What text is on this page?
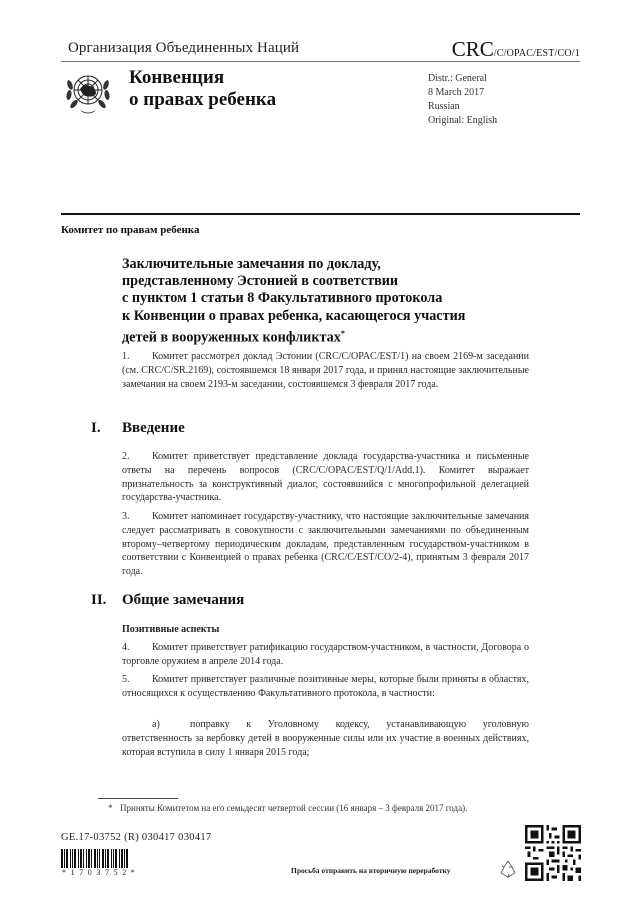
Организация Объединенных Наций	CRC/C/OPAC/EST/CO/1
Конвенция
о правах ребенка
Distr.: General
8 March 2017
Russian
Original: English
Комитет по правам ребенка
Заключительные замечания по докладу,
представленному Эстонией в соответствии
с пунктом 1 статьи 8 Факультативного протокола
к Конвенции о правах ребенка, касающегося участия
детей в вооруженных конфликтах*
1. Комитет рассмотрел доклад Эстонии (CRC/C/OPAC/EST/1) на своем 2169-м заседании (см. CRC/C/SR.2169), состоявшемся 18 января 2017 года, и принял настоящие заключительные замечания на своем 2193-м заседании, состоявшемся 3 февраля 2017 года.
I. Введение
2. Комитет приветствует представление доклада государства-участника и письменные ответы на перечень вопросов (CRC/C/OPAC/EST/Q/1/Add.1). Комитет выражает признательность за конструктивный диалог, состоявшийся с многопрофильной делегацией государства-участника.
3. Комитет напоминает государству-участнику, что настоящие заключительные замечания следует рассматривать в совокупности с заключительными замечаниями по объединенным второму–четвертому периодическим докладам, представленным государством-участником в соответствии с Конвенцией о правах ребенка (CRC/C/EST/CO/2-4), принятым 3 февраля 2017 года.
II. Общие замечания
Позитивные аспекты
4. Комитет приветствует ратификацию государством-участником, в частности, Договора о торговле оружием в апреле 2014 года.
5. Комитет приветствует различные позитивные меры, которые были приняты в областях, относящихся к осуществлению Факультативного протокола, в частности:
a)	поправку к Уголовному кодексу, устанавливающую уголовную ответственность за вербовку детей в вооруженные силы или их участие в военных действиях, которая вступила в силу 1 января 2015 года;
* Приняты Комитетом на его семьдесят четвертой сессии (16 января – 3 февраля 2017 года).
GE.17-03752 (R) 030417 030417
*1703752*	Просьба отправить на вторичную переработку
